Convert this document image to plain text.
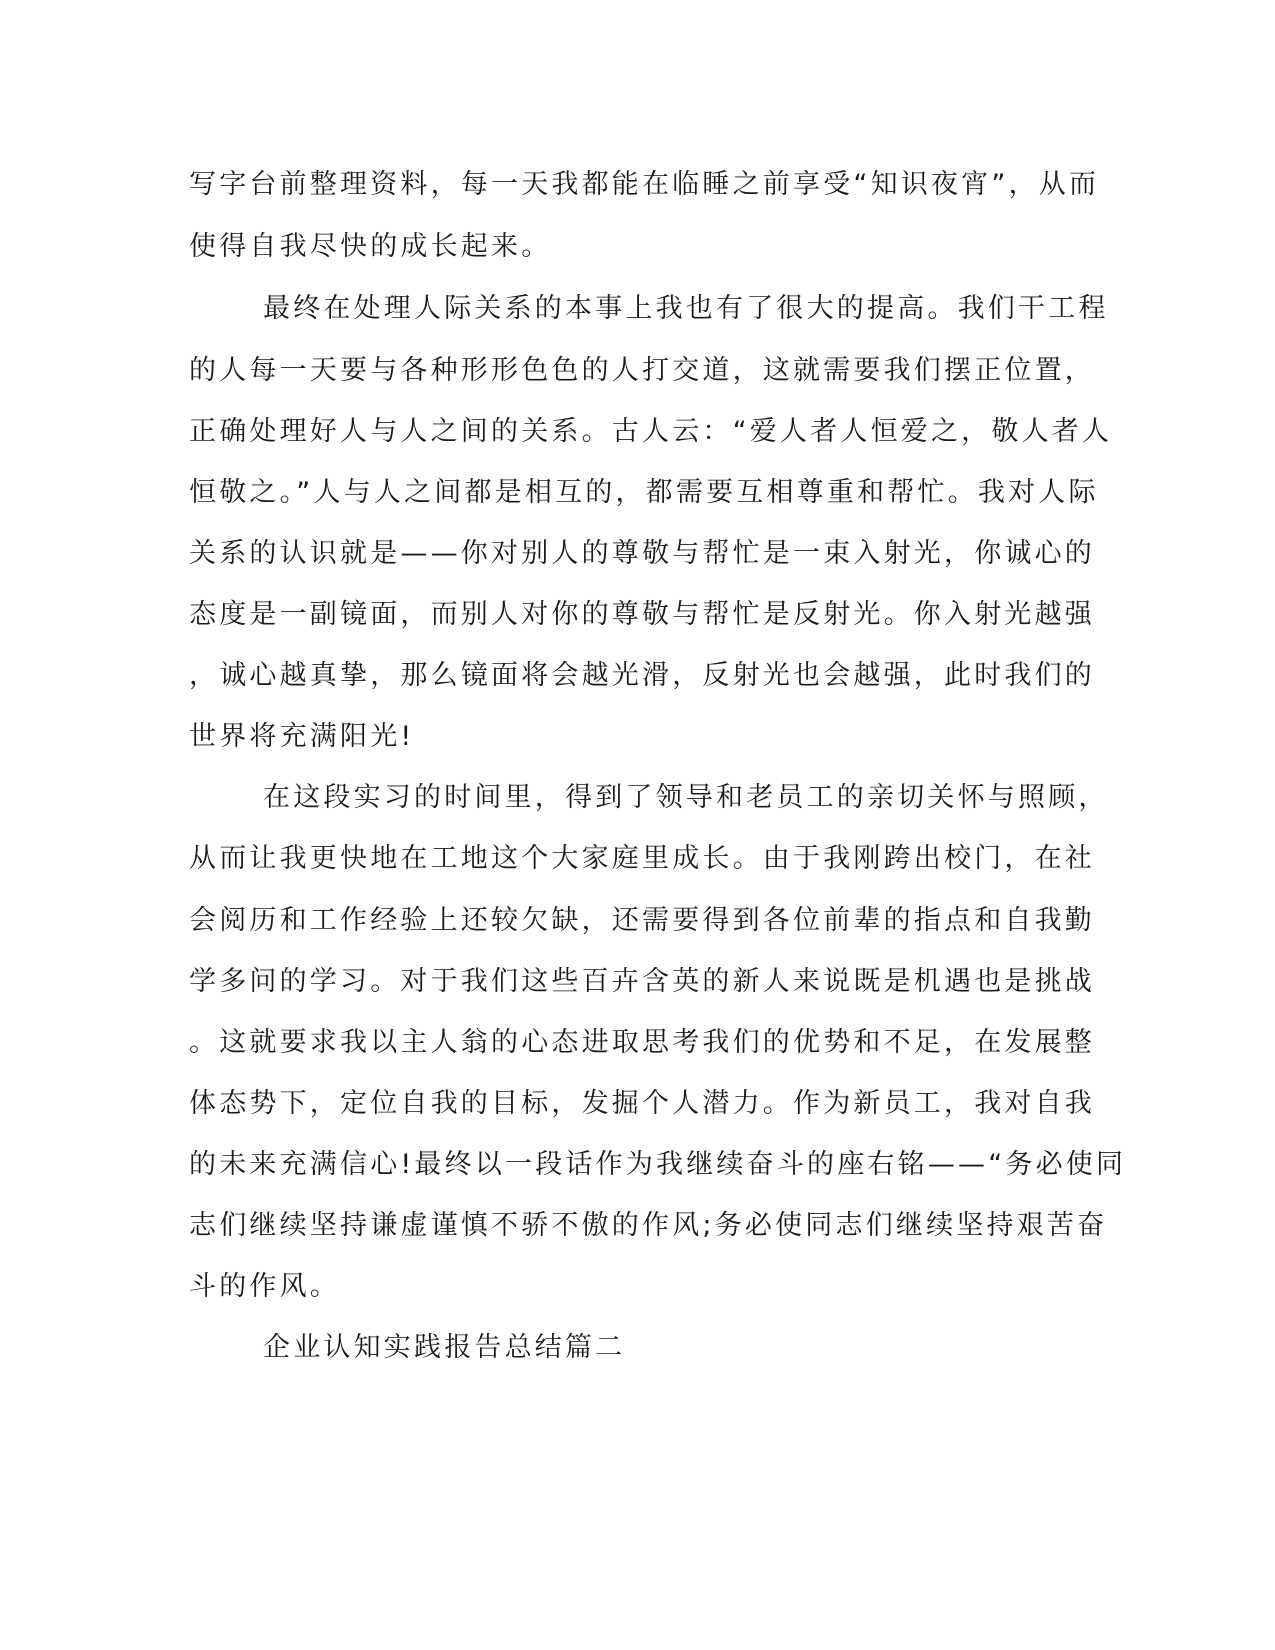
写字台前整理资料，每一天我都能在临睡之前享受“知识夜宵”，从而
使得自我尽快的成长起来。
最终在处理人际关系的本事上我也有了很大的提高。我们干工程
的人每一天要与各种形形色色的人打交道，这就需要我们摆正位置，
正确处理好人与人之间的关系。古人云：“爱人者人恒爱之，敬人者人
恒敬之。”人与人之间都是相互的，都需要互相尊重和帮忙。我对人际
关系的认识就是——你对别人的尊敬与帮忙是一束入射光，你诚心的
态度是一副镜面，而别人对你的尊敬与帮忙是反射光。你入射光越强
，诚心越真挚，那么镜面将会越光滑，反射光也会越强，此时我们的
世界将充满阳光!
在这段实习的时间里，得到了领导和老员工的亲切关怀与照顾，
从而让我更快地在工地这个大家庭里成长。由于我刚跨出校门，在社
会阅历和工作经验上还较欠缺，还需要得到各位前辈的指点和自我勤
学多问的学习。对于我们这些百卉含英的新人来说既是机遇也是挑战
。这就要求我以主人翁的心态进取思考我们的优势和不足，在发展整
体态势下，定位自我的目标，发掘个人潜力。作为新员工，我对自我
的未来充满信心!最终以一段话作为我继续奋斗的座右铭——“务必使同
志们继续坚持谦虚谨慎不骄不傲的作风;务必使同志们继续坚持艰苦奋
斗的作风。
企业认知实践报告总结篇二
